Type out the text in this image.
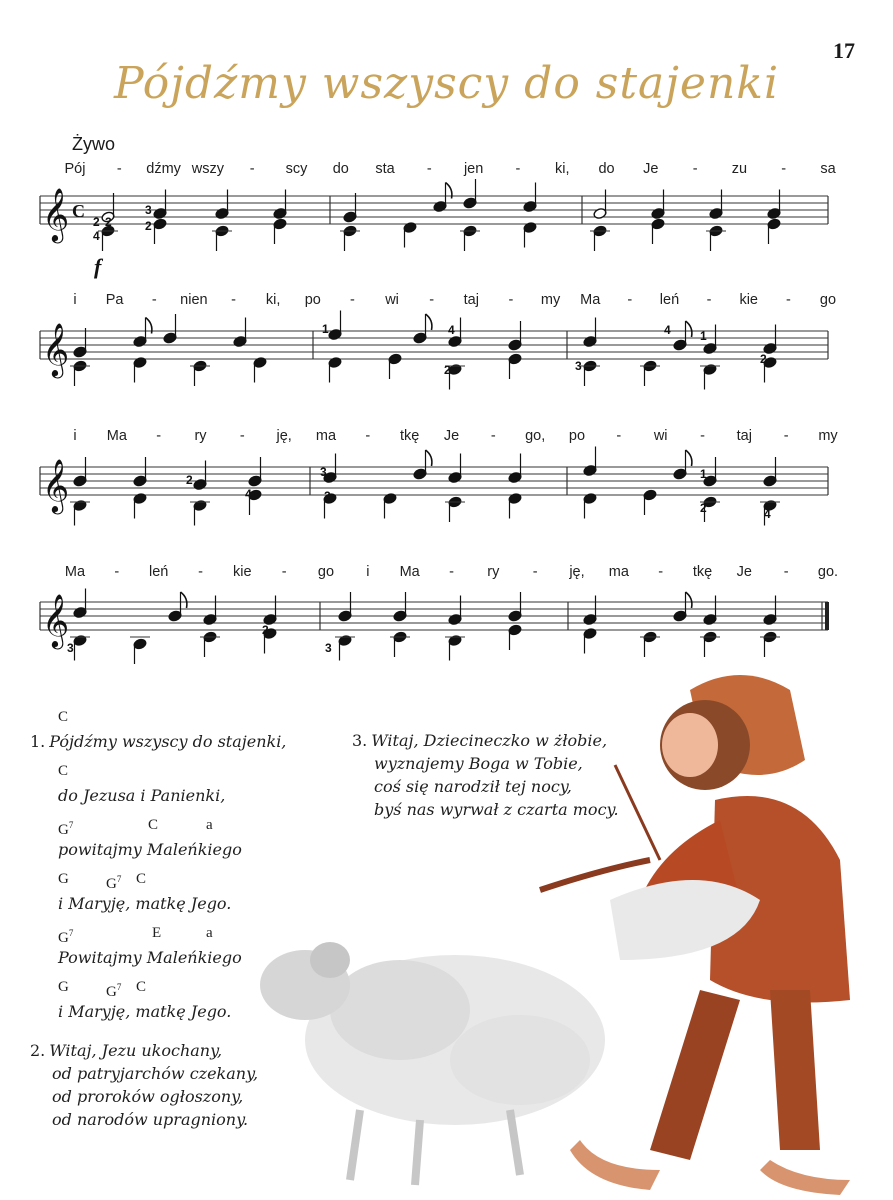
17
Pójdźmy wszyscy do stajenki
Żywo
𝄞 C
Pój - dźmy wszy - scy do sta - jen - ki, do Je - zu - sa
𝄞
i Pa - nien - ki, po - wi - taj - my Ma - leń - kie - go
𝄞
i Ma - ry - ję, ma - tkę Je - go, po - wi - taj - my
𝄞
Ma - leń - kie - go i Ma - ry - ję, ma - tkę Je - go.
2
3
2
4
1	4
2	3
4 1
2
3
2
4	2
1
2	4
2
3	3
2
f
C
1. Pójdźmy wszyscy do stajenki,
C
do Jezusa i Panienki,
$G^7$	C	a
powitajmy Maleńkiego
G $G^7$ C
i Maryję, matkę Jego.
$G^7$	E	a
Powitajmy Maleńkiego
G $G^7$ C
i Maryję, matkę Jego.
2. Witaj, Jezu ukochany,
od patryjarchów czekany,
od proroków ogłoszony,
od narodów upragniony.
3. Witaj, Dziecineczko w żłobie,
wyznajemy Boga w Tobie,
coś się narodził tej nocy,
byś nas wyrwał z czarta mocy.
